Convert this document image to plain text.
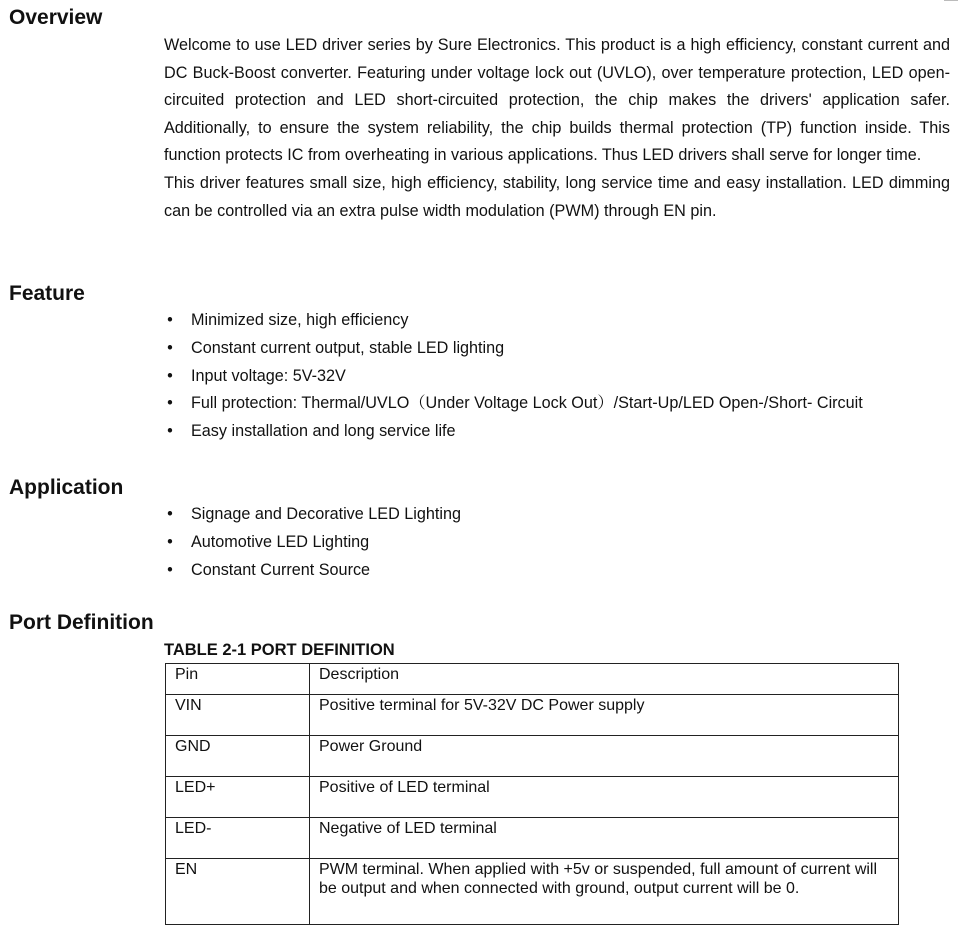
Overview

Welcome to use LED driver series by Sure Electronics. This product is a high efficiency, constant current and DC Buck-Boost converter. Featuring under voltage lock out (UVLO), over temperature protection, LED open-circuited protection and LED short-circuited protection, the chip makes the drivers' application safer. Additionally, to ensure the system reliability, the chip builds thermal protection (TP) function inside. This function protects IC from overheating in various applications. Thus LED drivers shall serve for longer time.

This driver features small size, high efficiency, stability, long service time and easy installation. LED dimming can be controlled via an extra pulse width modulation (PWM) through EN pin.

Feature
• Minimized size, high efficiency
• Constant current output, stable LED lighting
• Input voltage: 5V-32V
• Full protection: Thermal/UVLO（Under Voltage Lock Out）/Start-Up/LED Open-/Short- Circuit
• Easy installation and long service life
Application
• Signage and Decorative LED Lighting
• Automotive LED Lighting
• Constant Current Source
Port Definition
TABLE 2-1 PORT DEFINITION
Pin	Description
VIN	Positive terminal for 5V-32V DC Power supply
GND	Power Ground
LED+	Positive of LED terminal
LED-	Negative of LED terminal
EN	PWM terminal. When applied with +5v or suspended, full amount of current will be output and when connected with ground, output current will be 0.
